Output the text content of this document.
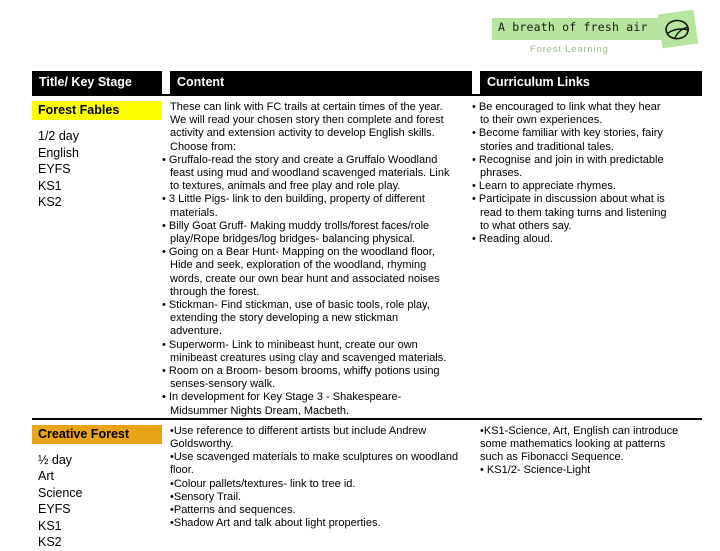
A breath of fresh air
Forest Learning
Title/ Key Stage	Content	Curriculum Links
Forest Fables
1/2 day
English
EYFS
KS1
KS2

These can link with FC trails at certain times of the year.

We will read your chosen story then complete and forest

activity and extension activity to develop English skills.

Choose from:

• Gruffalo-read the story and create a Gruffalo Woodland

feast using mud and woodland scavenged materials. Link

to textures, animals and free play and role play.

• 3 Little Pigs- link to den building, property of different

materials.

• Billy Goat Gruff- Making muddy trolls/forest faces/role

play/Rope bridges/log bridges- balancing physical.

• Going on a Bear Hunt- Mapping on the woodland floor,

Hide and seek, exploration of the woodland, rhyming

words, create our own bear hunt and associated noises

through the forest.

• Stickman- Find stickman, use of basic tools, role play,

extending the story developing a new stickman

adventure.

• Superworm- Link to minibeast hunt, create our own

minibeast creatures using clay and scavenged materials.

• Room on a Broom- besom brooms, whiffy potions using

senses-sensory walk.

• In development for Key Stage 3 - Shakespeare-

Midsummer Nights Dream, Macbeth.

• Be encouraged to link what they hear

to their own experiences.

• Become familiar with key stories, fairy

stories and traditional tales.

• Recognise and join in with predictable

phrases.

• Learn to appreciate rhymes.

• Participate in discussion about what is

read to them taking turns and listening

to what others say.

• Reading aloud.

Creative Forest
½ day
Art
Science
EYFS
KS1
KS2

•Use reference to different artists but include Andrew

Goldsworthy.

•Use scavenged materials to make sculptures on woodland

floor.

•Colour pallets/textures- link to tree id.

•Sensory Trail.

•Patterns and sequences.

•Shadow Art and talk about light properties.

•KS1-Science, Art, English can introduce

some mathematics looking at patterns

such as Fibonacci Sequence.

• KS1/2- Science-Light
